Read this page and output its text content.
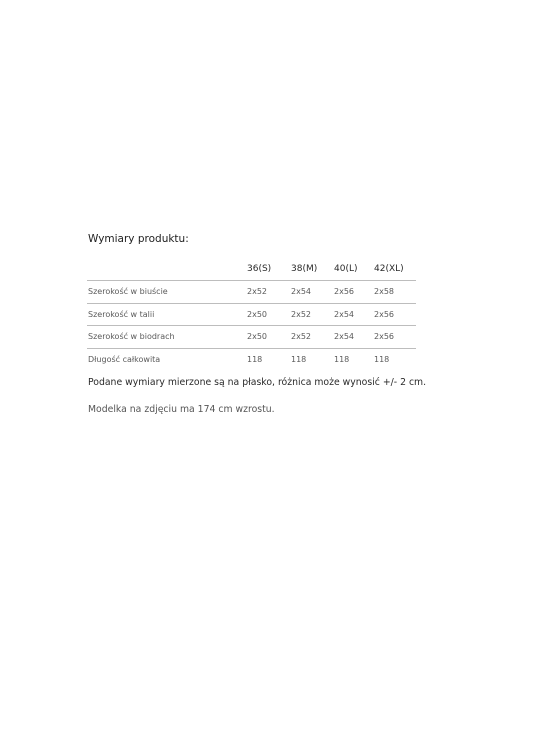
Wymiary produktu:
	36(S)	38(M)	40(L)	42(XL)
Szerokość w biuście	2x52	2x54	2x56	2x58
Szerokość w talii	2x50	2x52	2x54	2x56
Szerokość w biodrach	2x50	2x52	2x54	2x56
Długość całkowita	118	118	118	118
Podane wymiary mierzone są na płasko, różnica może wynosić +/- 2 cm.
Modelka na zdjęciu ma 174 cm wzrostu.
